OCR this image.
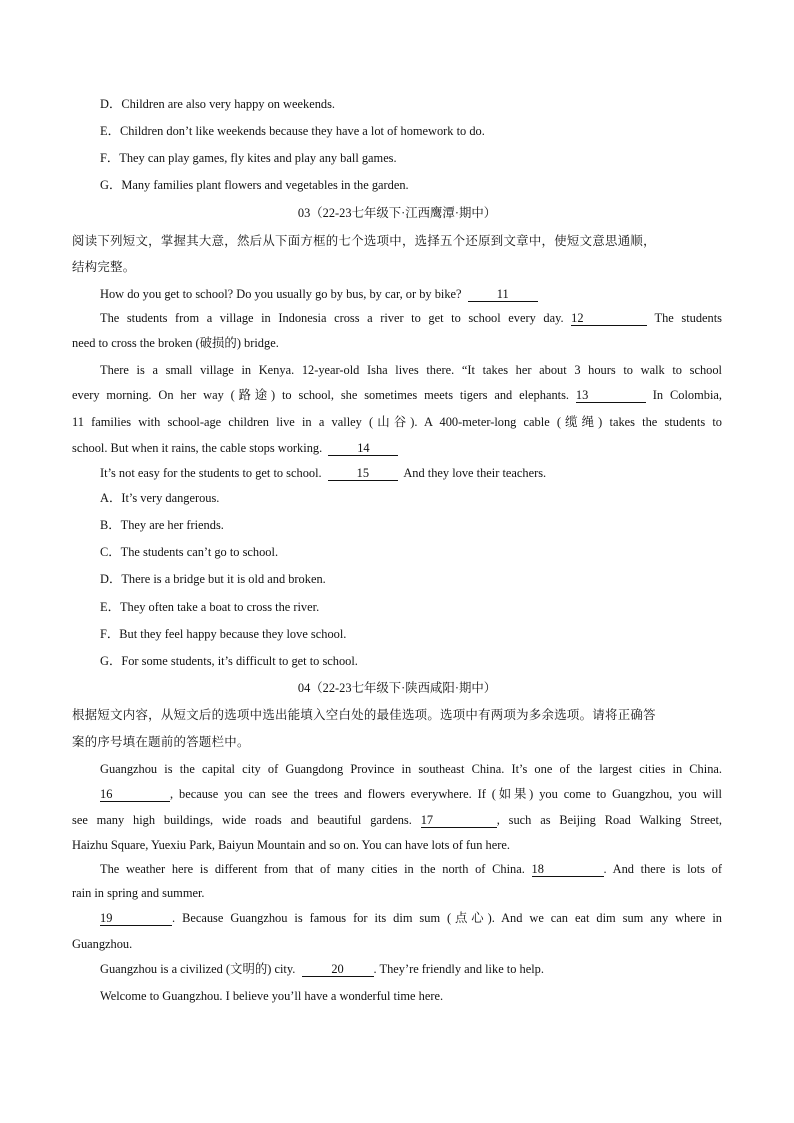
D．Children are also very happy on weekends.
E．Children don’t like weekends because they have a lot of homework to do.
F．They can play games, fly kites and play any ball games.
G．Many families plant flowers and vegetables in the garden.
03（22-23七年级下·江西鹰潭·期中）
阅读下列短文，掌握其大意，然后从下面方框的七个选项中，选择五个还原到文章中，使短文意思通顺，
结构完整。
How do you get to school? Do you usually go by bus, by car, or by bike?	11
The students from a village in Indonesia cross a river to get to school every day. 12	The students
need to cross the broken (破损的) bridge.
There is a small village in Kenya. 12-year-old Isha lives there. “It takes her about 3 hours to walk to school
every morning. On her way (路途) to school, she sometimes meets tigers and elephants. 13	In Colombia,
11 families with school-age children live in a valley (山谷). A 400-meter-long cable (缆绳) takes the students to
school. But when it rains, the cable stops working.	14
It’s not easy for the students to get to school.	15	And they love their teachers.
A．It’s very dangerous.
B．They are her friends.
C．The students can’t go to school.
D．There is a bridge but it is old and broken.
E．They often take a boat to cross the river.
F．But they feel happy because they love school.
G．For some students, it’s difficult to get to school.
04（22-23七年级下·陕西咸阳·期中）
根据短文内容，从短文后的选项中选出能填入空白处的最佳选项。选项中有两项为多余选项。请将正确答
案的序号填在题前的答题栏中。
Guangzhou is the capital city of Guangdong Province in southeast China. It’s one of the largest cities in China.
16	, because you can see the trees and flowers everywhere. If (如果) you come to Guangzhou, you will
see many high buildings, wide roads and beautiful gardens. 17	, such as Beijing Road Walking Street,
Haizhu Square, Yuexiu Park, Baiyun Mountain and so on. You can have lots of fun here.
The weather here is different from that of many cities in the north of China. 18	. And there is lots of
rain in spring and summer.
19	. Because Guangzhou is famous for its dim sum (点心). And we can eat dim sum any where in
Guangzhou.
Guangzhou is a civilized (文明的) city.	20 . They’re friendly and like to help.
Welcome to Guangzhou. I believe you’ll have a wonderful time here.
